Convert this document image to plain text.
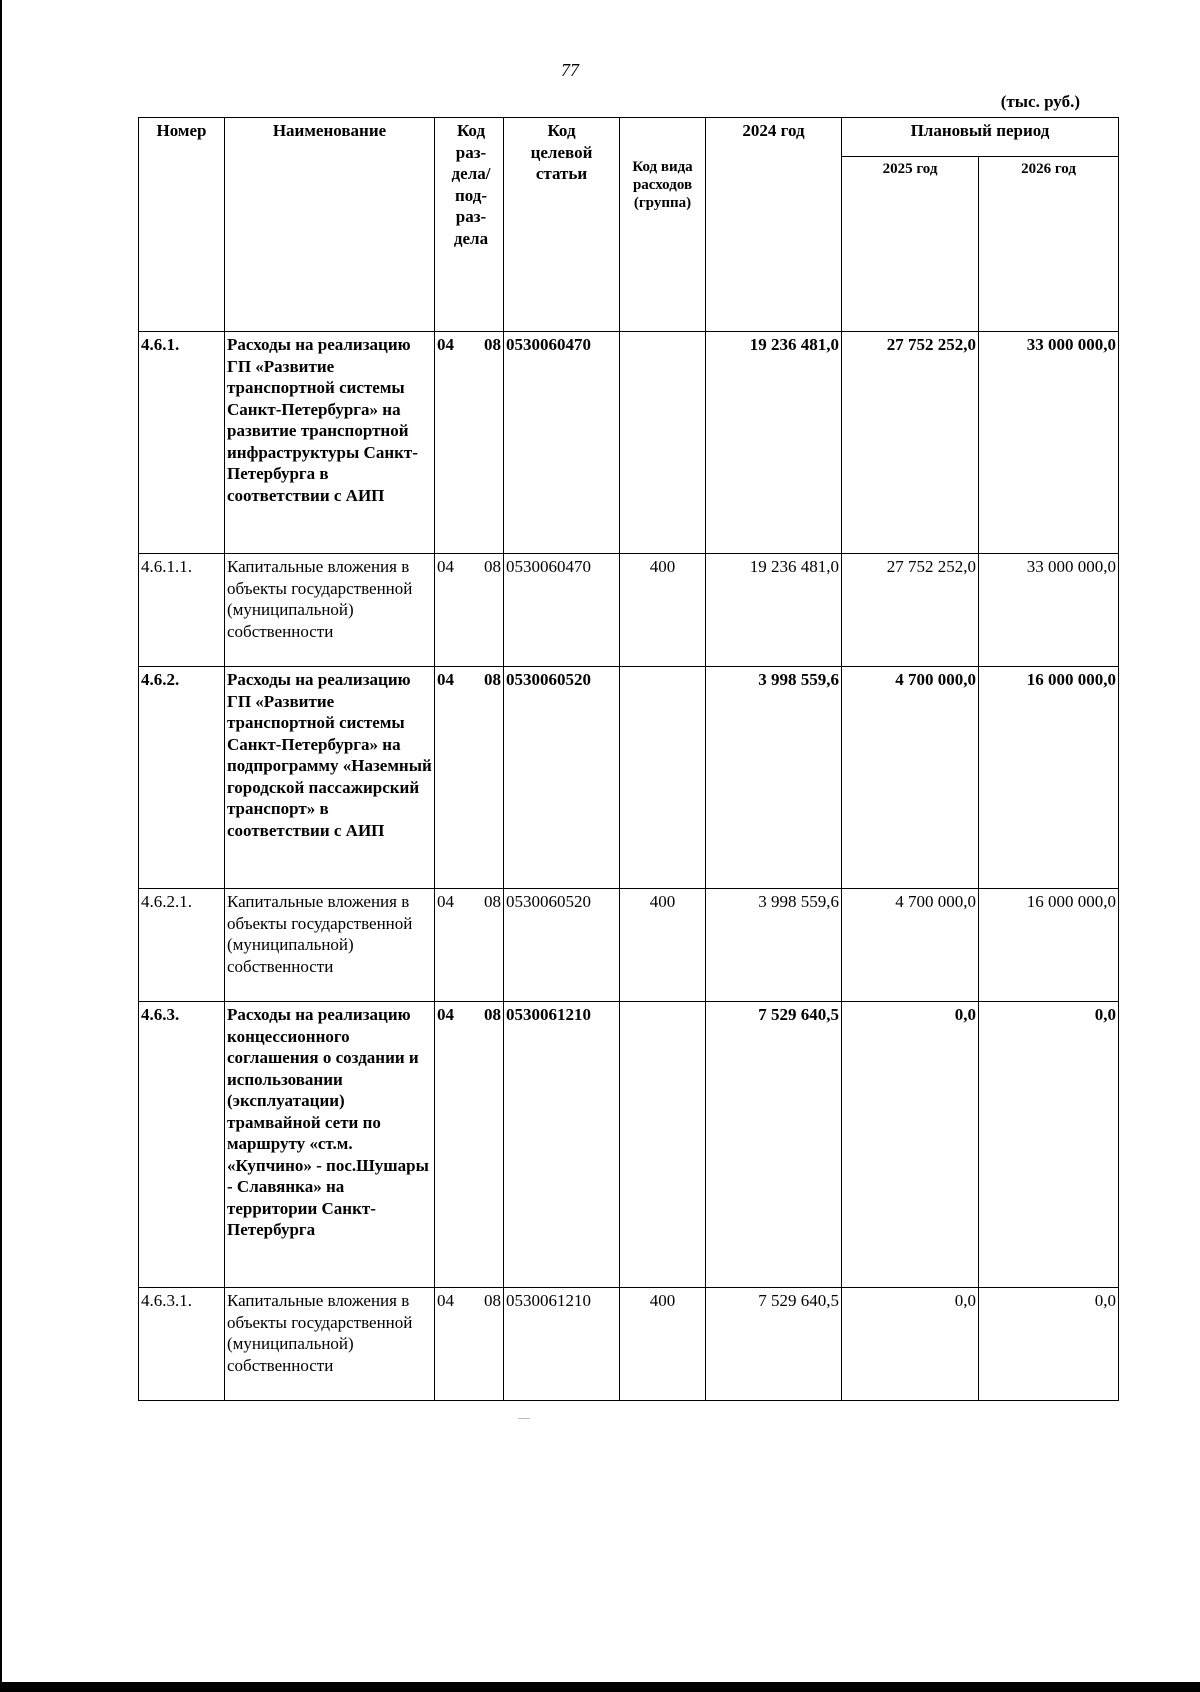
77
(тыс. руб.)
Номер	Наименование	Код раз- дела/ под- раз- дела	Код целевой статьи	Код вида расходов (группа)	2024 год	Плановый период	
						2025 год	2026 год
4.6.1.	Расходы на реализацию ГП «Развитие транспортной системы Санкт-Петербурга» на развитие транспортной инфраструктуры Санкт-Петербурга в соответствии с АИП	04 08	0530060470		19 236 481,0	27 752 252,0	33 000 000,0
4.6.1.1.	Капитальные вложения в объекты государственной (муниципальной) собственности	04 08	0530060470	400	19 236 481,0	27 752 252,0	33 000 000,0
4.6.2.	Расходы на реализацию ГП «Развитие транспортной системы Санкт-Петербурга» на подпрограмму «Наземный городской пассажирский транспорт» в соответствии с АИП	04 08	0530060520		3 998 559,6	4 700 000,0	16 000 000,0
4.6.2.1.	Капитальные вложения в объекты государственной (муниципальной) собственности	04 08	0530060520	400	3 998 559,6	4 700 000,0	16 000 000,0
4.6.3.	Расходы на реализацию концессионного соглашения о создании и использовании (эксплуатации) трамвайной сети по маршруту «ст.м. «Купчино» - пос.Шушары - Славянка» на территории Санкт-Петербурга	04 08	0530061210		7 529 640,5	0,0	0,0
4.6.3.1.	Капитальные вложения в объекты государственной (муниципальной) собственности	04 08	0530061210	400	7 529 640,5	0,0	0,0
